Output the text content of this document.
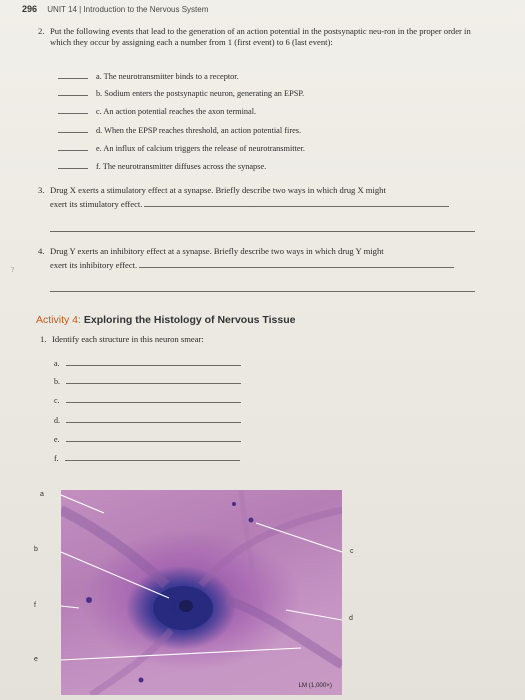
296 UNIT 14 | Introduction to the Nervous System
2. Put the following events that lead to the generation of an action potential in the postsynaptic neu-ron in the proper order in which they occur by assigning each a number from 1 (first event) to 6 (last event):
a. The neurotransmitter binds to a receptor.
b. Sodium enters the postsynaptic neuron, generating an EPSP.
c. An action potential reaches the axon terminal.
d. When the EPSP reaches threshold, an action potential fires.
e. An influx of calcium triggers the release of neurotransmitter.
f. The neurotransmitter diffuses across the synapse.
3. Drug X exerts a stimulatory effect at a synapse. Briefly describe two ways in which drug X might
exert its stimulatory effect.
4. Drug Y exerts an inhibitory effect at a synapse. Briefly describe two ways in which drug Y might
exert its inhibitory effect.
?
Activity 4: Exploring the Histology of Nervous Tissue
1. Identify each structure in this neuron smear:
a.
b.
c.
d.
e.
f.
LM (1,000×)
a
b
f
e
c
d
